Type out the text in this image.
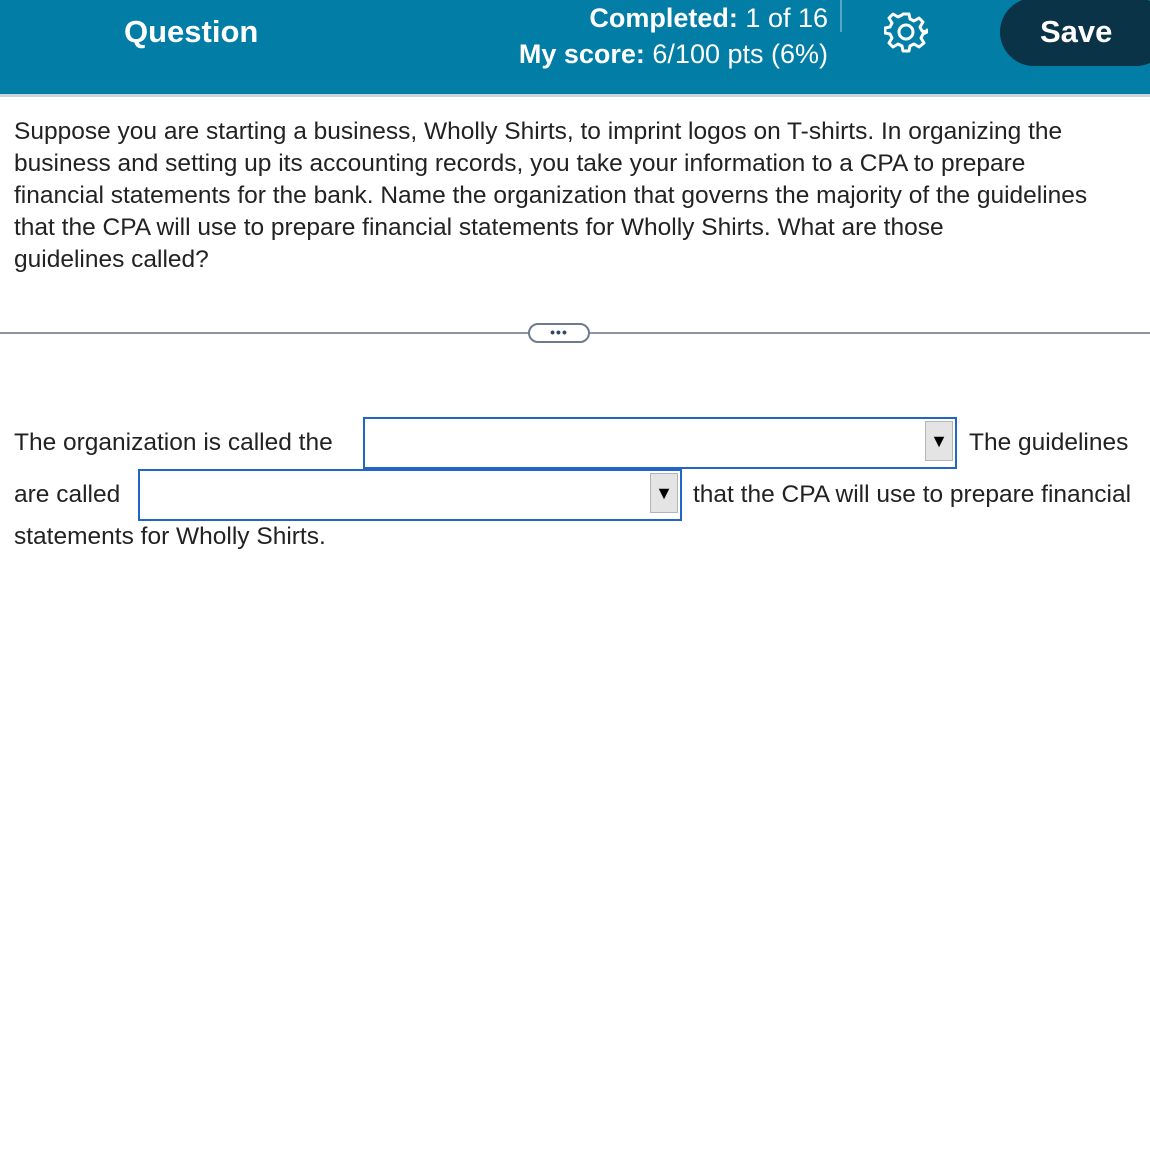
Question	Completed: 1 of 16
My score: 6/100 pts (6%)
Save
Suppose you are starting a business, Wholly Shirts, to imprint logos on T-shirts. In organizing the
business and setting up its accounting records, you take your information to a CPA to prepare
financial statements for the bank. Name the organization that governs the majority of the guidelines
that the CPA will use to prepare financial statements for Wholly Shirts. What are those
guidelines called?
•••
The organization is called the	▼ The guidelines
are called	▼ that the CPA will use to prepare financial
statements for Wholly Shirts.
